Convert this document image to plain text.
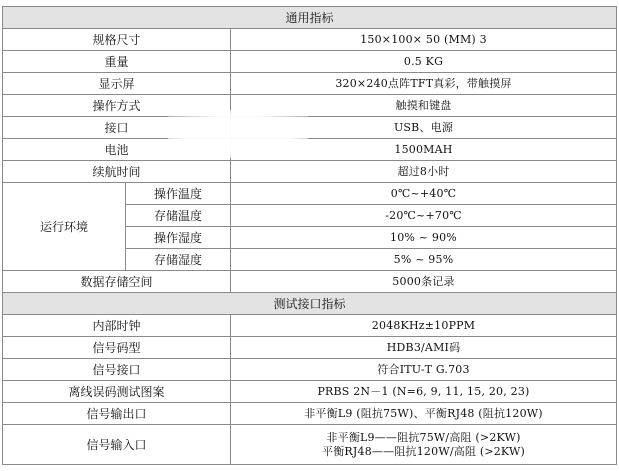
通用指标		
规格尺寸		150×100× 50 (MM) 3
重量		0.5 KG
显示屏		320×240点阵TFT真彩，带触摸屏
操作方式		触摸和键盘
接口		USB、电源
电池		1500MAH
续航时间		超过8小时
运行环境	操作温度	0℃~+40℃
	存储温度	-20℃~+70℃
	操作湿度	10% ~ 90%
	存储湿度	5% ~ 95%
数据存储空间		5000条记录
测试接口指标		
内部时钟		2048KHz±10PPM
信号码型		HDB3/AMI码
信号接口		符合ITU-T G.703
离线误码测试图案		PRBS 2N－1 (N=6, 9, 11, 15, 20, 23)
信号输出口		非平衡L9 (阻抗75W)、平衡RJ48 (阻抗120W)
信号输入口		非平衡L9——阻抗75W/高阻 (>2KW)
平衡RJ48——阻抗120W/高阻 (>2KW)
